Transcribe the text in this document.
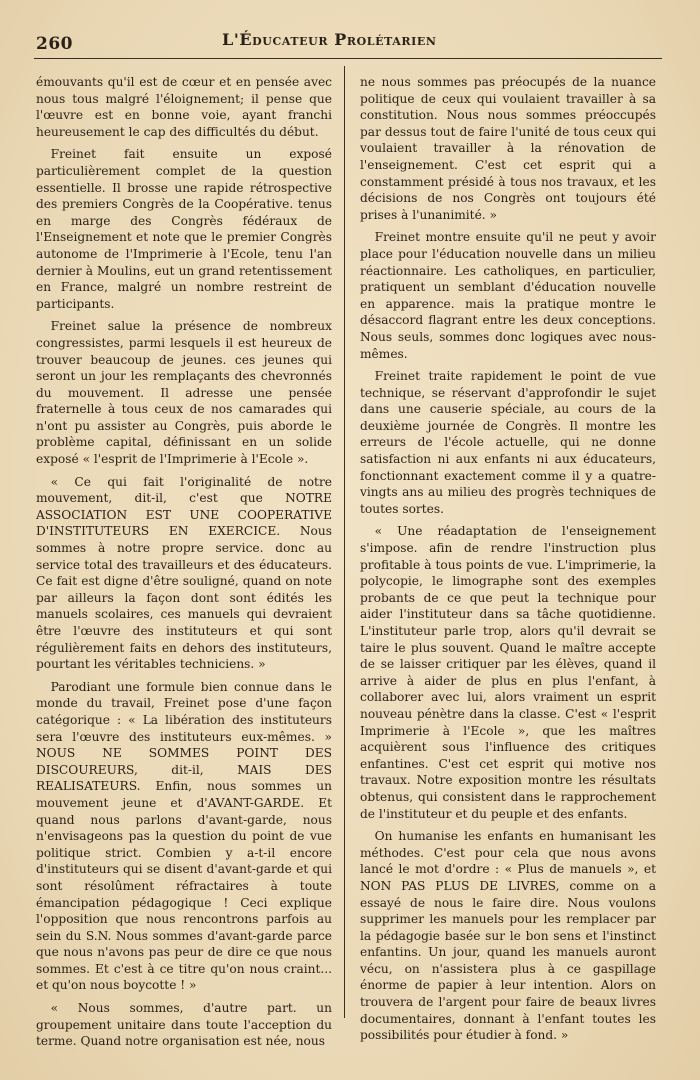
260	L'Éducateur Prolétarien

émouvants qu'il est de cœur et en pensée avec nous tous malgré l'éloignement; il pense que l'œuvre est en bonne voie, ayant franchi heureusement le cap des difficultés du début.

Freinet fait ensuite un exposé particulièrement complet de la question essentielle. Il brosse une rapide rétrospective des premiers Congrès de la Coopérative. tenus en marge des Congrès fédéraux de l'Enseignement et note que le premier Congrès autonome de l'Imprimerie à l'Ecole, tenu l'an dernier à Moulins, eut un grand retentissement en France, malgré un nombre restreint de participants.

Freinet salue la présence de nombreux congressistes, parmi lesquels il est heureux de trouver beaucoup de jeunes. ces jeunes qui seront un jour les remplaçants des chevronnés du mouvement. Il adresse une pensée fraternelle à tous ceux de nos camarades qui n'ont pu assister au Congrès, puis aborde le problème capital, définissant en un solide exposé « l'esprit de l'Imprimerie à l'Ecole ».

« Ce qui fait l'originalité de notre mouvement, dit-il, c'est que NOTRE ASSOCIATION EST UNE COOPERATIVE D'INSTITUTEURS EN EXERCICE. Nous sommes à notre propre service. donc au service total des travailleurs et des éducateurs. Ce fait est digne d'être souligné, quand on note par ailleurs la façon dont sont édités les manuels scolaires, ces manuels qui devraient être l'œuvre des instituteurs et qui sont régulièrement faits en dehors des instituteurs, pourtant les véritables techniciens. »

Parodiant une formule bien connue dans le monde du travail, Freinet pose d'une façon catégorique : « La libération des instituteurs sera l'œuvre des instituteurs eux-mêmes. » NOUS NE SOMMES POINT DES DISCOUREURS, dit-il, MAIS DES REALISATEURS. Enfin, nous sommes un mouvement jeune et d'AVANT-GARDE. Et quand nous parlons d'avant-garde, nous n'envisageons pas la question du point de vue politique strict. Combien y a-t-il encore d'instituteurs qui se disent d'avant-garde et qui sont résolûment réfractaires à toute émancipation pédagogique ! Ceci explique l'opposition que nous rencontrons parfois au sein du S.N. Nous sommes d'avant-garde parce que nous n'avons pas peur de dire ce que nous sommes. Et c'est à ce titre qu'on nous craint... et qu'on nous boycotte ! »

« Nous sommes, d'autre part. un groupement unitaire dans toute l'acception du terme. Quand notre organisation est née, nous

ne nous sommes pas préocupés de la nuance politique de ceux qui voulaient travailler à sa constitution. Nous nous sommes préoccupés par dessus tout de faire l'unité de tous ceux qui voulaient travailler à la rénovation de l'enseignement. C'est cet esprit qui a constamment présidé à tous nos travaux, et les décisions de nos Congrès ont toujours été prises à l'unanimité. »

Freinet montre ensuite qu'il ne peut y avoir place pour l'éducation nouvelle dans un milieu réactionnaire. Les catholiques, en particulier, pratiquent un semblant d'éducation nouvelle en apparence. mais la pratique montre le désaccord flagrant entre les deux conceptions. Nous seuls, sommes donc logiques avec nous-mêmes.

Freinet traite rapidement le point de vue technique, se réservant d'approfondir le sujet dans une causerie spéciale, au cours de la deuxième journée de Congrès. Il montre les erreurs de l'école actuelle, qui ne donne satisfaction ni aux enfants ni aux éducateurs, fonctionnant exactement comme il y a quatre-vingts ans au milieu des progrès techniques de toutes sortes.

« Une réadaptation de l'enseignement s'impose. afin de rendre l'instruction plus profitable à tous points de vue. L'imprimerie, la polycopie, le limographe sont des exemples probants de ce que peut la technique pour aider l'instituteur dans sa tâche quotidienne. L'instituteur parle trop, alors qu'il devrait se taire le plus souvent. Quand le maître accepte de se laisser critiquer par les élèves, quand il arrive à aider de plus en plus l'enfant, à collaborer avec lui, alors vraiment un esprit nouveau pénètre dans la classe. C'est « l'esprit Imprimerie à l'Ecole », que les maîtres acquièrent sous l'influence des critiques enfantines. C'est cet esprit qui motive nos travaux. Notre exposition montre les résultats obtenus, qui consistent dans le rapprochement de l'instituteur et du peuple et des enfants.

On humanise les enfants en humanisant les méthodes. C'est pour cela que nous avons lancé le mot d'ordre : « Plus de manuels », et NON PAS PLUS DE LIVRES, comme on a essayé de nous le faire dire. Nous voulons supprimer les manuels pour les remplacer par la pédagogie basée sur le bon sens et l'instinct enfantins. Un jour, quand les manuels auront vécu, on n'assistera plus à ce gaspillage énorme de papier à leur intention. Alors on trouvera de l'argent pour faire de beaux livres documentaires, donnant à l'enfant toutes les possibilités pour étudier à fond. »
